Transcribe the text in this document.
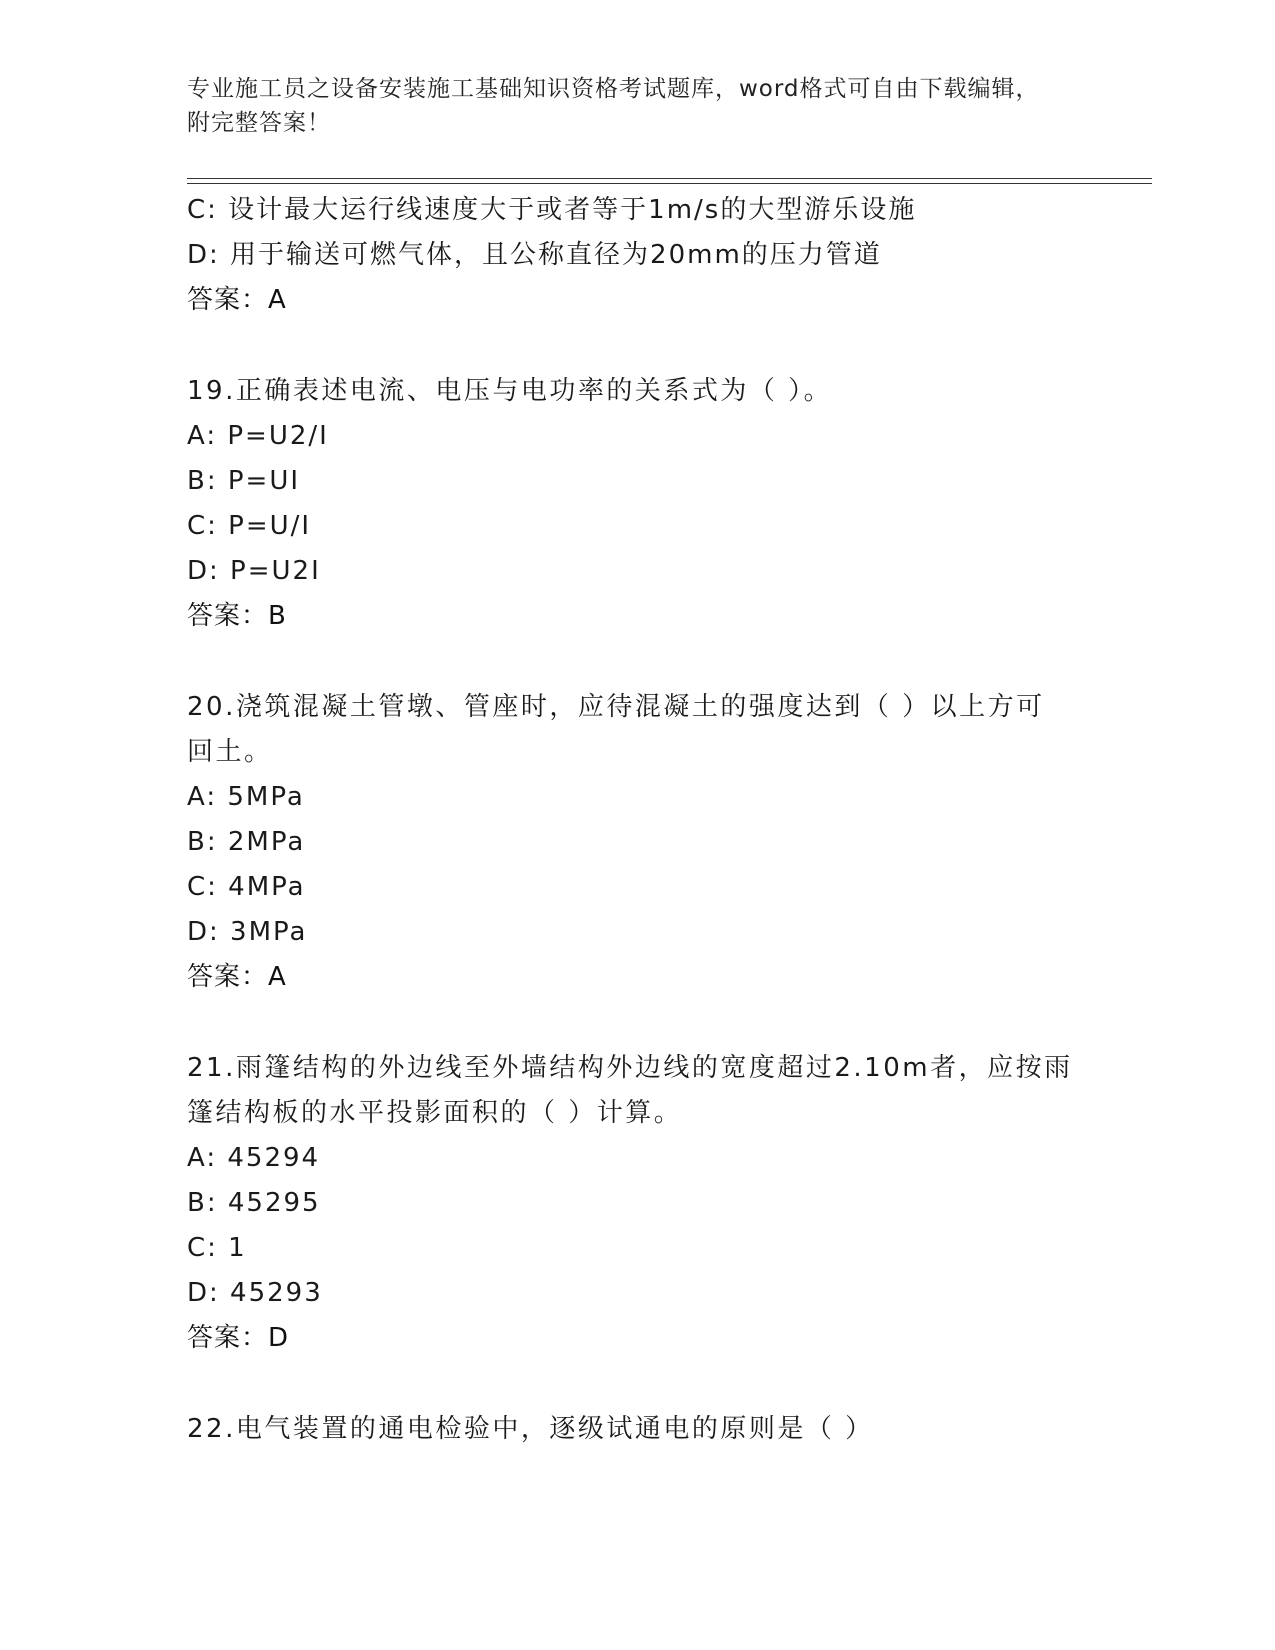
专业施工员之设备安装施工基础知识资格考试题库，word格式可自由下载编辑，
附完整答案！
C: 设计最大运行线速度大于或者等于1m/s的大型游乐设施
D: 用于输送可燃气体，且公称直径为20mm的压力管道
答案：A
19.正确表述电流、电压与电功率的关系式为（ ）。
A: P=U2/I
B: P=UI
C: P=U/I
D: P=U2I
答案：B
20.浇筑混凝土管墩、管座时，应待混凝土的强度达到（ ）以上方可
回土。
A: 5MPa
B: 2MPa
C: 4MPa
D: 3MPa
答案：A
21.雨篷结构的外边线至外墙结构外边线的宽度超过2.10m者，应按雨
篷结构板的水平投影面积的（ ）计算。
A: 45294
B: 45295
C: 1
D: 45293
答案：D
22.电气装置的通电检验中，逐级试通电的原则是（ ）
